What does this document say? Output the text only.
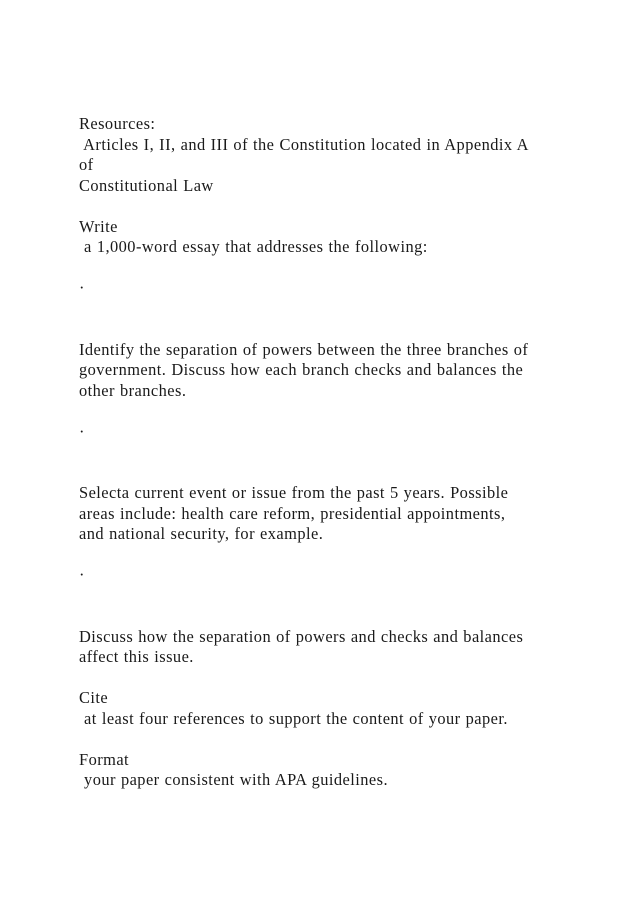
Resources:
Articles I, II, and III of the Constitution located in Appendix A
of
Constitutional Law
Write
a 1,000-word essay that addresses the following:
·
Identify the separation of powers between the three branches of
government. Discuss how each branch checks and balances the
other branches.
·
Selecta current event or issue from the past 5 years. Possible
areas include: health care reform, presidential appointments,
and national security, for example.
·
Discuss how the separation of powers and checks and balances
affect this issue.
Cite
at least four references to support the content of your paper.
Format
your paper consistent with APA guidelines.
